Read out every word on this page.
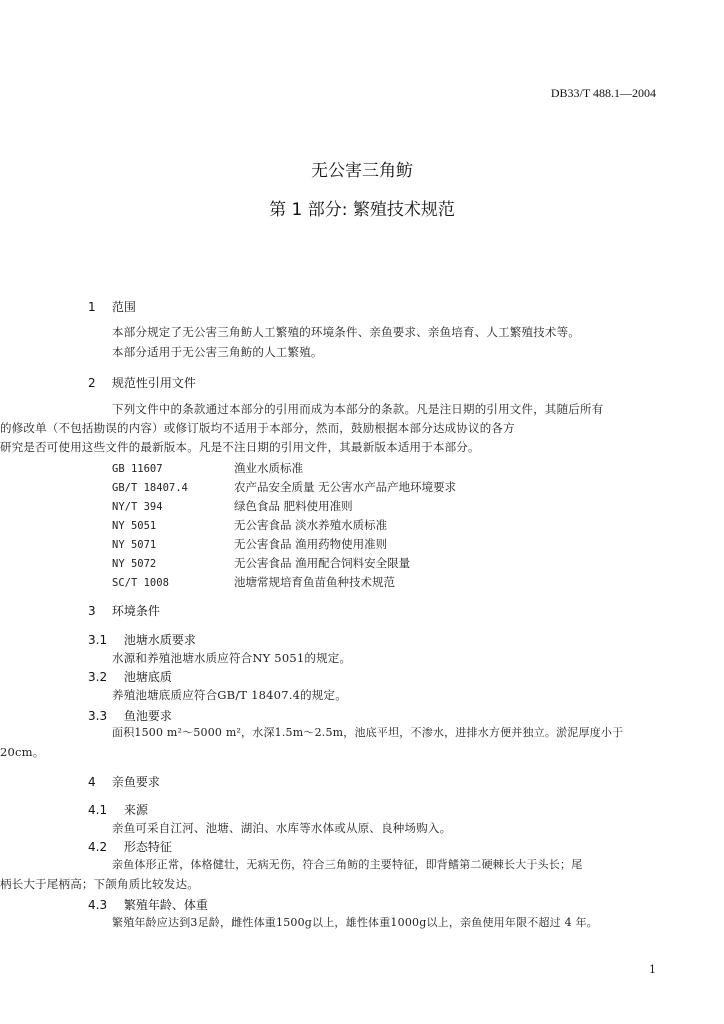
DB33/T 488.1—2004
无公害三角鲂
第 1 部分: 繁殖技术规范
1 范围
本部分规定了无公害三角鲂人工繁殖的环境条件、亲鱼要求、亲鱼培育、人工繁殖技术等。
本部分适用于无公害三角鲂的人工繁殖。
2 规范性引用文件
下列文件中的条款通过本部分的引用而成为本部分的条款。凡是注日期的引用文件，其随后所有
的修改单（不包括勘误的内容）或修订版均不适用于本部分，然而，鼓励根据本部分达成协议的各方
研究是否可使用这些文件的最新版本。凡是不注日期的引用文件，其最新版本适用于本部分。
GB 11607	渔业水质标准
GB/T 18407.4	农产品安全质量 无公害水产品产地环境要求
NY/T 394	绿色食品 肥料使用准则
NY 5051	无公害食品 淡水养殖水质标准
NY 5071	无公害食品 渔用药物使用准则
NY 5072	无公害食品 渔用配合饲料安全限量
SC/T 1008	池塘常规培育鱼苗鱼种技术规范
3 环境条件
3.1 池塘水质要求
水源和养殖池塘水质应符合NY 5051的规定。
3.2 池塘底质
养殖池塘底质应符合GB/T 18407.4的规定。
3.3 鱼池要求
面积1500 m²～5000 m²，水深1.5m～2.5m，池底平坦，不渗水，进排水方便并独立。淤泥厚度小于
20cm。
4 亲鱼要求
4.1 来源
亲鱼可采自江河、池塘、湖泊、水库等水体或从原、良种场购入。
4.2 形态特征
亲鱼体形正常，体格健壮，无病无伤，符合三角鲂的主要特征，即背鳍第二硬棘长大于头长；尾
柄长大于尾柄高；下颌角质比较发达。
4.3 繁殖年龄、体重
繁殖年龄应达到3足龄，雌性体重1500g以上，雄性体重1000g以上，亲鱼使用年限不超过 4 年。
1
